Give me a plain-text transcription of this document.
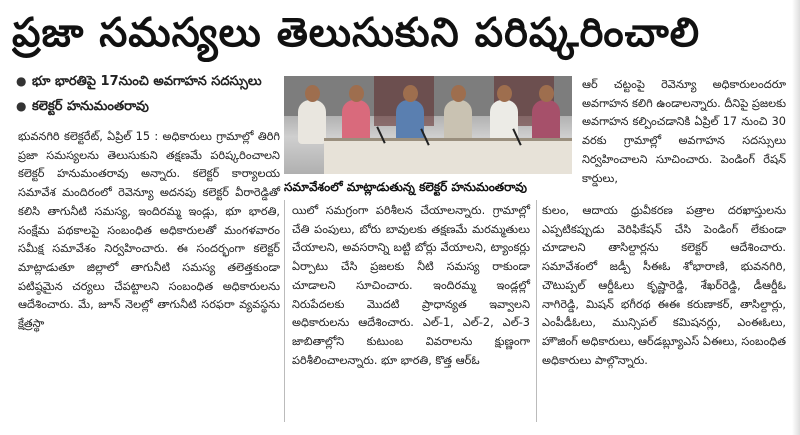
ప్రజా సమస్యలు తెలుసుకుని పరిష్కరించాలి
● భూ భారతిపై 17నుంచి అవగాహన సదస్సులు
● కలెక్టర్ హనుమంతరావు
సమావేశంలో మాట్లాడుతున్న కలెక్టర్ హనుమంతరావు

భువనగిరి కలెక్టరేట్, ఏప్రిల్ 15 : అధికారులు గ్రామాల్లో తిరిగి ప్రజా సమస్యలను తెలుసుకుని తక్షణమే పరిష్కరించాలని కలెక్టర్ హనుమంతరావు అన్నారు. కలెక్టర్ కార్యాలయ సమావేశ మందిరంలో రెవెన్యూ అదనపు కలెక్టర్ వీరారెడ్డితో కలిసి తాగునీటి సమస్య, ఇందిరమ్మ ఇండ్లు, భూ భారతి, సంక్షేమ పథకాలపై సంబంధిత అధికారులతో మంగళవారం సమీక్ష సమావేశం నిర్వహించారు. ఈ సందర్భంగా కలెక్టర్ మాట్లాడుతూ జిల్లాలో తాగునీటి సమస్య తలెత్తకుండా పటిష్ఠమైన చర్యలు చేపట్టాలని సంబంధిత అధికారులను ఆదేశించారు. మే, జూన్ నెలల్లో తాగునీటి సరఫరా వ్యవస్థను క్షేత్రస్థా

యిలో సమగ్రంగా పరిశీలన చేయాలన్నారు. గ్రామాల్లో చేతి పంపులు, బోరు బావులకు తక్షణమే మరమ్మతులు చేయాలని, అవసరాన్ని బట్టి బోర్లు వేయాలని, ట్యాంకర్లు ఏర్పాటు చేసి ప్రజలకు నీటి సమస్య రాకుండా చూడాలని సూచించారు. ఇందిరమ్మ ఇండ్లల్లో నిరుపేదలకు మొదటి ప్రాధాన్యత ఇవ్వాలని అధికారులను ఆదేశించారు. ఎల్-1, ఎల్-2, ఎల్-3 జాబితాల్లోని కుటుంబ వివరాలను క్షుణ్ణంగా పరిశీలించాలన్నారు. భూ భారతి, కొత్త ఆర్ఓ

ఆర్ చట్టంపై రెవెన్యూ అధికారులందరూ అవగాహన కలిగి ఉండాలన్నారు. దీనిపై ప్రజలకు అవగాహన కల్పించడానికి ఏప్రిల్ 17 నుంచి 30 వరకు గ్రామాల్లో అవగాహన సదస్సులు నిర్వహించాలని సూచించారు. పెండింగ్ రేషన్ కార్డులు,

కులం, ఆదాయ ధ్రువీకరణ పత్రాల దరఖాస్తులను ఎప్పటికప్పుడు వెరిఫికేషన్ చేసి పెండింగ్ లేకుండా చూడాలని తాసిల్దార్లను కలెక్టర్ ఆదేశించారు. సమావేశంలో జడ్పీ సీఈఓ శోభారాణి, భువనగిరి, చౌటుప్పల్ ఆర్డీఓలు కృష్ణారెడ్డి, శేఖర్‌రెడ్డి, డీఆర్డీఓ నాగిరెడ్డి, మిషన్ భగీరథ ఈఈ కరుణాకర్, తాసిల్దార్లు, ఎంపీడీఓలు, మున్సిపల్ కమిషనర్లు, ఎంఈఓలు, హౌజింగ్ అధికారులు, ఆర్‌డబ్ల్యూఎస్ ఏఈలు, సంబంధిత అధికారులు పాల్గొన్నారు.
